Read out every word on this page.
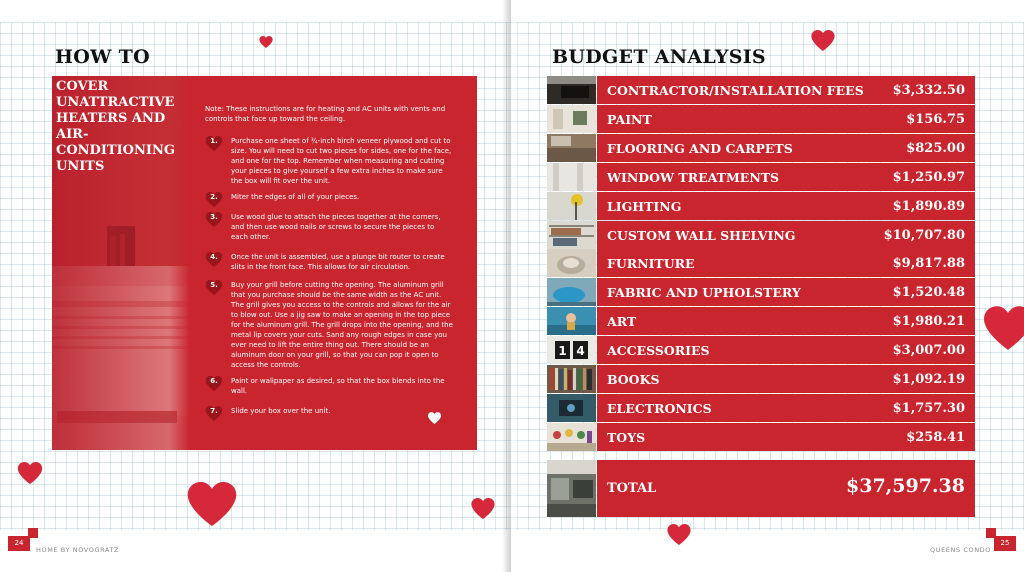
HOW TO
COVER UNATTRACTIVE HEATERS AND AIR-CONDITIONING UNITS
Note: These instructions are for heating and AC units with vents and controls that face up toward the ceiling.
1.	Purchase one sheet of ¾-inch birch veneer plywood and cut to size. You will need to cut two pieces for sides, one for the face, and one for the top. Remember when measuring and cutting your pieces to give yourself a few extra inches to make sure the box will fit over the unit.
2.	Miter the edges of all of your pieces.
3.	Use wood glue to attach the pieces together at the corners, and then use wood nails or screws to secure the pieces to each other.
4.	Once the unit is assembled, use a plunge bit router to create slits in the front face. This allows for air circulation.
5.	Buy your grill before cutting the opening. The aluminum grill that you purchase should be the same width as the AC unit. The grill gives you access to the controls and allows for the air to blow out. Use a jig saw to make an opening in the top piece for the aluminum grill. The grill drops into the opening, and the metal lip covers your cuts. Sand any rough edges in case you ever need to lift the entire thing out. There should be an aluminum door on your grill, so that you can pop it open to access the controls.
6.	Paint or wallpaper as desired, so that the box blends into the wall.
7.	Slide your box over the unit.
BUDGET ANALYSIS
CONTRACTOR/INSTALLATION FEES $3,332.50
PAINT	$156.75
FLOORING AND CARPETS	$825.00
WINDOW TREATMENTS	$1,250.97
LIGHTING	$1,890.89
CUSTOM WALL SHELVING	$10,707.80
FURNITURE	$9,817.88
FABRIC AND UPHOLSTERY	$1,520.48
ART	$1,980.21
1 4 ACCESSORIES	$3,007.00
BOOKS	$1,092.19
ELECTRONICS	$1,757.30
TOYS	$258.41
TOTAL	$37,597.38
24
HOME BY NOVOGRATZ
25
QUEENS CONDO
